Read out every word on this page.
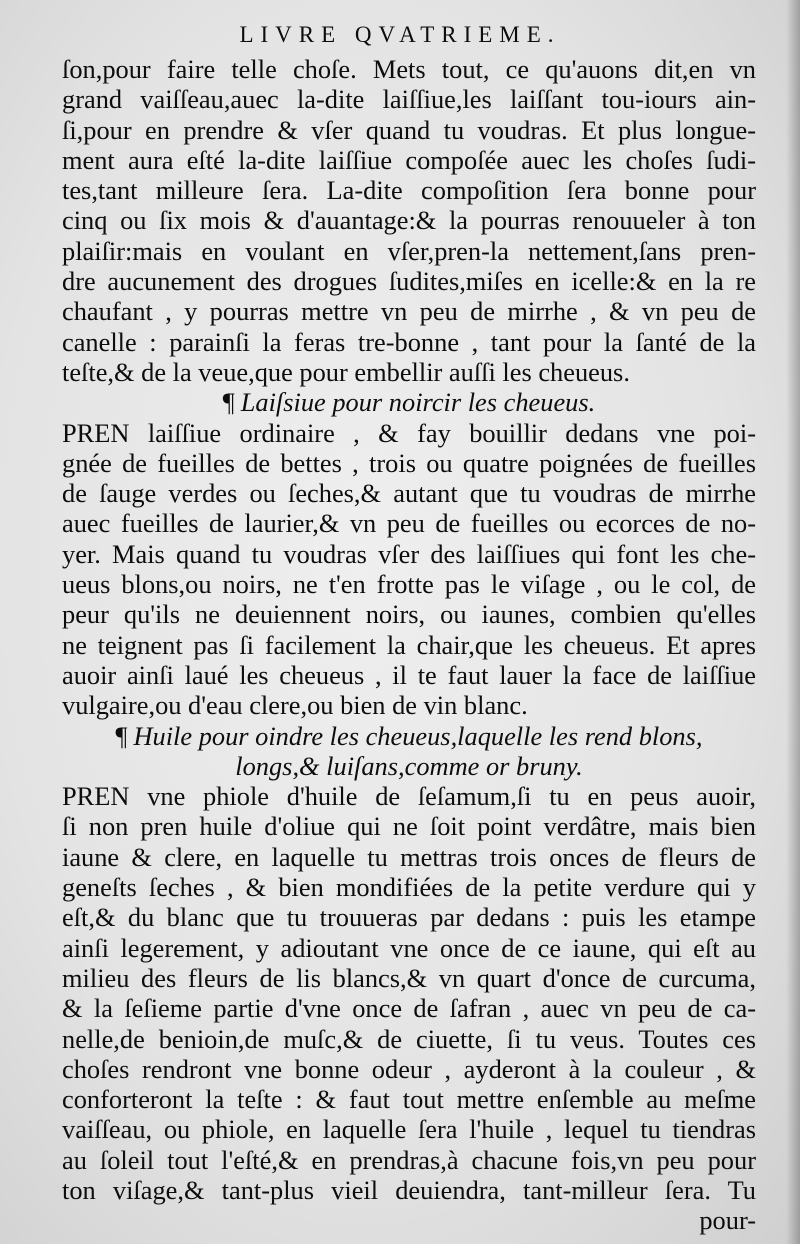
LIVRE QVATRIEME.
ſon,pour faire telle choſe. Mets tout, ce qu'auons dit,en vn
grand vaiſſeau,auec la-dite laiſſiue,les laiſſant tou-iours ain-
ſi,pour en prendre & vſer quand tu voudras. Et plus longue-
ment aura eſté la-dite laiſſiue compoſée auec les choſes ſudi-
tes,tant milleure ſera. La-dite compoſition ſera bonne pour
cinq ou ſix mois & d'auantage:& la pourras renouueler à ton
plaiſir:mais en voulant en vſer,pren-la nettement,ſans pren-
dre aucunement des drogues ſudites,miſes en icelle:& en la re
chaufant , y pourras mettre vn peu de mirrhe , & vn peu de
canelle : parainſi la feras tre-bonne , tant pour la ſanté de la
teſte,& de la veue,que pour embellir auſſi les cheueus.
¶ Laiſsiue pour noircir les cheueus.
PREN laiſſiue ordinaire , & fay bouillir dedans vne poi-
gnée de fueilles de bettes , trois ou quatre poignées de fueilles
de ſauge verdes ou ſeches,& autant que tu voudras de mirrhe
auec fueilles de laurier,& vn peu de fueilles ou ecorces de no-
yer. Mais quand tu voudras vſer des laiſſiues qui font les che-
ueus blons,ou noirs, ne t'en frotte pas le viſage , ou le col, de
peur qu'ils ne deuiennent noirs, ou iaunes, combien qu'elles
ne teignent pas ſi facilement la chair,que les cheueus. Et apres
auoir ainſi laué les cheueus , il te faut lauer la face de laiſſiue
vulgaire,ou d'eau clere,ou bien de vin blanc.
¶ Huile pour oindre les cheueus,laquelle les rend blons,
longs,& luiſans,comme or bruny.
PREN vne phiole d'huile de ſeſamum,ſi tu en peus auoir,
ſi non pren huile d'oliue qui ne ſoit point verdâtre, mais bien
iaune & clere, en laquelle tu mettras trois onces de fleurs de
geneſts ſeches , & bien mondifiées de la petite verdure qui y
eſt,& du blanc que tu trouueras par dedans : puis les etampe
ainſi legerement, y adioutant vne once de ce iaune, qui eſt au
milieu des fleurs de lis blancs,& vn quart d'once de curcuma,
& la ſeſieme partie d'vne once de ſafran , auec vn peu de ca-
nelle,de benioin,de muſc,& de ciuette, ſi tu veus. Toutes ces
choſes rendront vne bonne odeur , ayderont à la couleur , &
conforteront la teſte : & faut tout mettre enſemble au meſme
vaiſſeau, ou phiole, en laquelle ſera l'huile , lequel tu tiendras
au ſoleil tout l'eſté,& en prendras,à chacune fois,vn peu pour
ton viſage,& tant-plus vieil deuiendra, tant-milleur ſera. Tu
pour-
